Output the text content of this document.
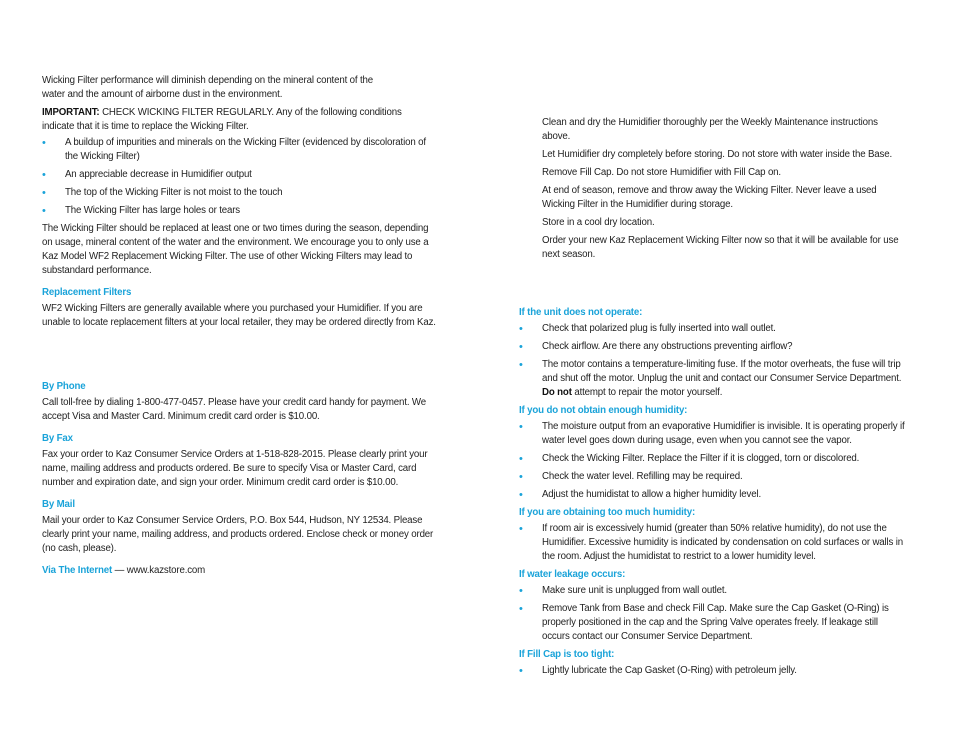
Wicking Filter performance will diminish depending on the mineral content of the water and the amount of airborne dust in the environment.

IMPORTANT: CHECK WICKING FILTER REGULARLY. Any of the following conditions indicate that it is time to replace the Wicking Filter.

• A buildup of impurities and minerals on the Wicking Filter (evidenced by discoloration of the Wicking Filter)
• An appreciable decrease in Humidifier output
• The top of the Wicking Filter is not moist to the touch
• The Wicking Filter has large holes or tears

The Wicking Filter should be replaced at least one or two times during the season, depending on usage, mineral content of the water and the environment. We encourage you to only use a Kaz Model WF2 Replacement Wicking Filter. The use of other Wicking Filters may lead to substandard performance.

Replacement Filters

WF2 Wicking Filters are generally available where you purchased your Humidifier. If you are unable to locate replacement filters at your local retailer, they may be ordered directly from Kaz.

By Phone

Call toll-free by dialing 1-800-477-0457. Please have your credit card handy for payment. We accept Visa and Master Card. Minimum credit card order is $10.00.

By Fax

Fax your order to Kaz Consumer Service Orders at 1-518-828-2015. Please clearly print your name, mailing address and products ordered. Be sure to specify Visa or Master Card, card number and expiration date, and sign your order. Minimum credit card order is $10.00.

By Mail

Mail your order to Kaz Consumer Service Orders, P.O. Box 544, Hudson, NY 12534. Please clearly print your name, mailing address, and products ordered. Enclose check or money order (no cash, please).

Via The Internet — www.kazstore.com

Clean and dry the Humidifier thoroughly per the Weekly Maintenance instructions above.

Let Humidifier dry completely before storing. Do not store with water inside the Base.

Remove Fill Cap. Do not store Humidifier with Fill Cap on.

At end of season, remove and throw away the Wicking Filter. Never leave a used Wicking Filter in the Humidifier during storage.

Store in a cool dry location.

Order your new Kaz Replacement Wicking Filter now so that it will be available for use next season.

If the unit does not operate:

• Check that polarized plug is fully inserted into wall outlet.
• Check airflow. Are there any obstructions preventing airflow?
• The motor contains a temperature-limiting fuse. If the motor overheats, the fuse will trip and shut off the motor. Unplug the unit and contact our Consumer Service Department. Do not attempt to repair the motor yourself.

If you do not obtain enough humidity:

• The moisture output from an evaporative Humidifier is invisible. It is operating properly if water level goes down during usage, even when you cannot see the vapor.
• Check the Wicking Filter. Replace the Filter if it is clogged, torn or discolored.
• Check the water level. Refilling may be required.
• Adjust the humidistat to allow a higher humidity level.

If you are obtaining too much humidity:

• If room air is excessively humid (greater than 50% relative humidity), do not use the Humidifier. Excessive humidity is indicated by condensation on cold surfaces or walls in the room. Adjust the humidistat to restrict to a lower humidity level.

If water leakage occurs:

• Make sure unit is unplugged from wall outlet.
• Remove Tank from Base and check Fill Cap. Make sure the Cap Gasket (O-Ring) is properly positioned in the cap and the Spring Valve operates freely. If leakage still occurs contact our Consumer Service Department.

If Fill Cap is too tight:

• Lightly lubricate the Cap Gasket (O-Ring) with petroleum jelly.
